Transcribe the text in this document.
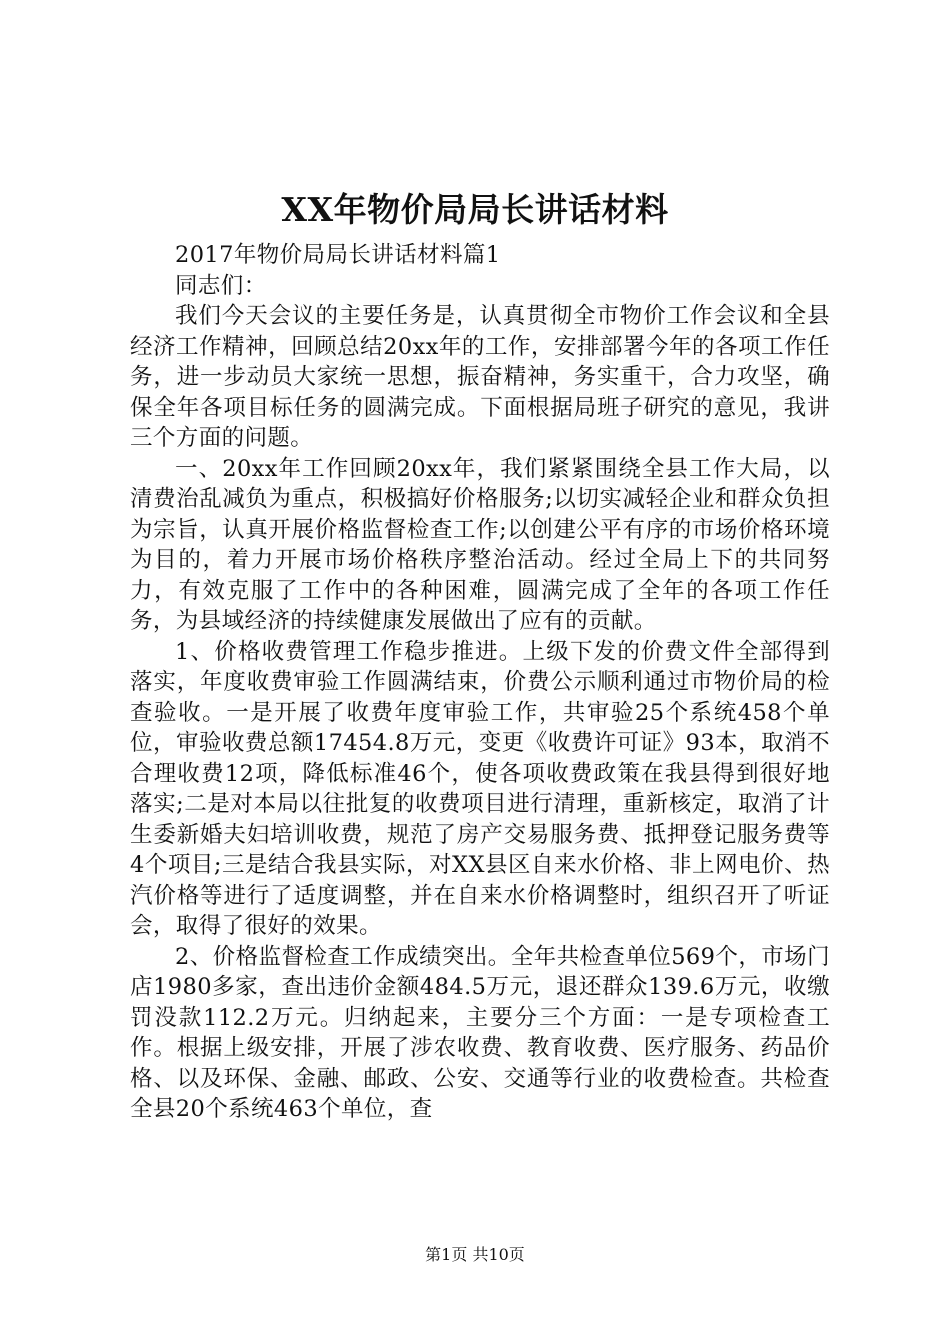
XX年物价局局长讲话材料

2017年物价局局长讲话材料篇1

同志们：

我们今天会议的主要任务是，认真贯彻全市物价工作会议和全县经济工作精神，回顾总结20xx年的工作，安排部署今年的各项工作任务，进一步动员大家统一思想，振奋精神，务实重干，合力攻坚，确保全年各项目标任务的圆满完成。下面根据局班子研究的意见，我讲三个方面的问题。

一、20xx年工作回顾20xx年，我们紧紧围绕全县工作大局，以清费治乱减负为重点，积极搞好价格服务;以切实减轻企业和群众负担为宗旨，认真开展价格监督检查工作;以创建公平有序的市场价格环境为目的，着力开展市场价格秩序整治活动。经过全局上下的共同努力，有效克服了工作中的各种困难，圆满完成了全年的各项工作任务，为县域经济的持续健康发展做出了应有的贡献。

1、价格收费管理工作稳步推进。上级下发的价费文件全部得到落实，年度收费审验工作圆满结束，价费公示顺利通过市物价局的检查验收。一是开展了收费年度审验工作，共审验25个系统458个单位，审验收费总额17454.8万元，变更《收费许可证》93本，取消不合理收费12项，降低标准46个，使各项收费政策在我县得到很好地落实;二是对本局以往批复的收费项目进行清理，重新核定，取消了计生委新婚夫妇培训收费，规范了房产交易服务费、抵押登记服务费等4个项目;三是结合我县实际，对XX县区自来水价格、非上网电价、热汽价格等进行了适度调整，并在自来水价格调整时，组织召开了听证会，取得了很好的效果。

2、价格监督检查工作成绩突出。全年共检查单位569个，市场门店1980多家，查出违价金额484.5万元，退还群众139.6万元，收缴罚没款112.2万元。归纳起来，主要分三个方面：一是专项检查工作。根据上级安排，开展了涉农收费、教育收费、医疗服务、药品价格、以及环保、金融、邮政、公安、交通等行业的收费检查。共检查全县20个系统463个单位，查

第1页 共10页
